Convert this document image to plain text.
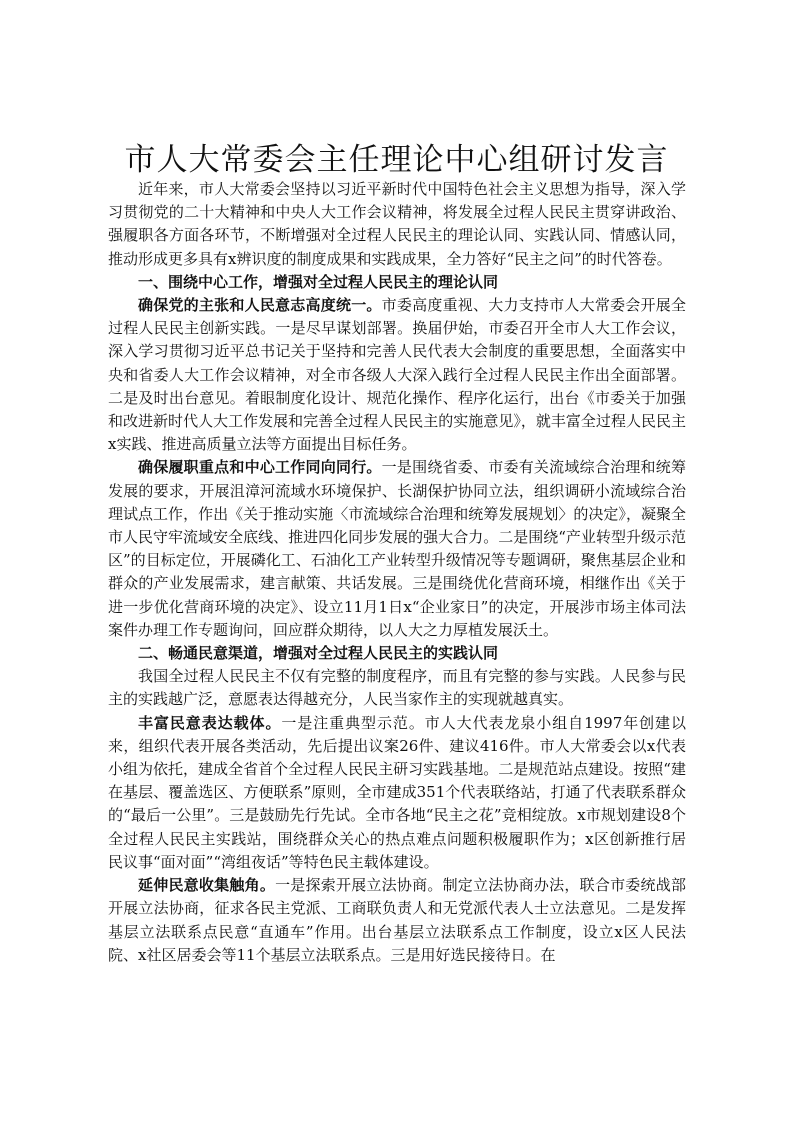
市人大常委会主任理论中心组研讨发言

近年来，市人大常委会坚持以习近平新时代中国特色社会主义思想为指导，深入学习贯彻党的二十大精神和中央人大工作会议精神，将发展全过程人民民主贯穿讲政治、强履职各方面各环节，不断增强对全过程人民民主的理论认同、实践认同、情感认同，推动形成更多具有x辨识度的制度成果和实践成果，全力答好“民主之问”的时代答卷。

一、围绕中心工作，增强对全过程人民民主的理论认同

确保党的主张和人民意志高度统一。市委高度重视、大力支持市人大常委会开展全过程人民民主创新实践。一是尽早谋划部署。换届伊始，市委召开全市人大工作会议，深入学习贯彻习近平总书记关于坚持和完善人民代表大会制度的重要思想，全面落实中央和省委人大工作会议精神，对全市各级人大深入践行全过程人民民主作出全面部署。二是及时出台意见。着眼制度化设计、规范化操作、程序化运行，出台《市委关于加强和改进新时代人大工作发展和完善全过程人民民主的实施意见》，就丰富全过程人民民主x实践、推进高质量立法等方面提出目标任务。

确保履职重点和中心工作同向同行。一是围绕省委、市委有关流域综合治理和统筹发展的要求，开展沮漳河流域水环境保护、长湖保护协同立法，组织调研小流域综合治理试点工作，作出《关于推动实施〈市流域综合治理和统筹发展规划〉的决定》，凝聚全市人民守牢流域安全底线、推进四化同步发展的强大合力。二是围绕“产业转型升级示范区”的目标定位，开展磷化工、石油化工产业转型升级情况等专题调研，聚焦基层企业和群众的产业发展需求，建言献策、共话发展。三是围绕优化营商环境，相继作出《关于进一步优化营商环境的决定》、设立11月1日x“企业家日”的决定，开展涉市场主体司法案件办理工作专题询问，回应群众期待，以人大之力厚植发展沃土。

二、畅通民意渠道，增强对全过程人民民主的实践认同

我国全过程人民民主不仅有完整的制度程序，而且有完整的参与实践。人民参与民主的实践越广泛，意愿表达得越充分，人民当家作主的实现就越真实。

丰富民意表达载体。一是注重典型示范。市人大代表龙泉小组自1997年创建以来，组织代表开展各类活动，先后提出议案26件、建议416件。市人大常委会以x代表小组为依托，建成全省首个全过程人民民主研习实践基地。二是规范站点建设。按照“建在基层、覆盖选区、方便联系”原则，全市建成351个代表联络站，打通了代表联系群众的“最后一公里”。三是鼓励先行先试。全市各地“民主之花”竞相绽放。x市规划建设8个全过程人民民主实践站，围绕群众关心的热点难点问题积极履职作为；x区创新推行居民议事“面对面”“湾组夜话”等特色民主载体建设。

延伸民意收集触角。一是探索开展立法协商。制定立法协商办法，联合市委统战部开展立法协商，征求各民主党派、工商联负责人和无党派代表人士立法意见。二是发挥基层立法联系点民意“直通车”作用。出台基层立法联系点工作制度，设立x区人民法院、x社区居委会等11个基层立法联系点。三是用好选民接待日。在
